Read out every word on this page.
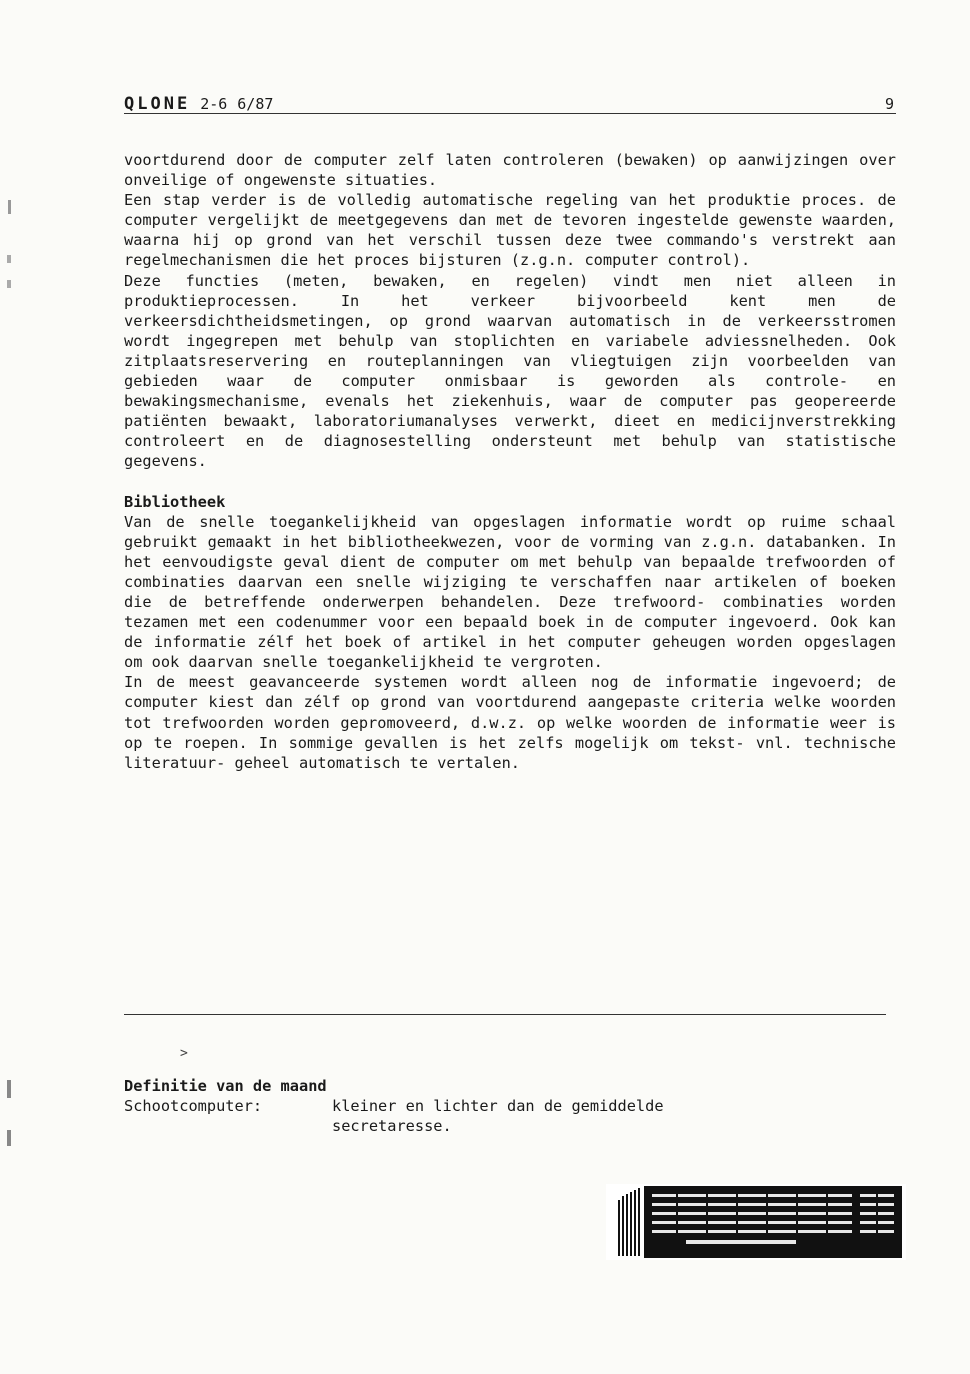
QLONE 2-6 6/87	9

voortdurend door de computer zelf laten controleren (bewaken) op aanwijzingen over onveilige of ongewenste situaties.

Een stap verder is de volledig automatische regeling van het produktie proces. de computer vergelijkt de meetgegevens dan met de tevoren ingestelde gewenste waarden, waarna hij op grond van het verschil tussen deze twee commando's verstrekt aan regelmechanismen die het proces bijsturen (z.g.n. computer control).

Deze functies (meten, bewaken, en regelen) vindt men niet alleen in produktieprocessen. In het verkeer bijvoorbeeld kent men de verkeersdichtheidsmetingen, op grond waarvan automatisch in de verkeersstromen wordt ingegrepen met behulp van stoplichten en variabele adviessnelheden. Ook zitplaatsreservering en routeplanningen van vliegtuigen zijn voorbeelden van gebieden waar de computer onmisbaar is geworden als controle- en bewakingsmechanisme, evenals het ziekenhuis, waar de computer pas geopereerde patiënten bewaakt, laboratoriumanalyses verwerkt, dieet en medicijnverstrekking controleert en de diagnosestelling ondersteunt met behulp van statistische gegevens.

Bibliotheek

Van de snelle toegankelijkheid van opgeslagen informatie wordt op ruime schaal gebruikt gemaakt in het bibliotheekwezen, voor de vorming van z.g.n. databanken. In het eenvoudigste geval dient de computer om met behulp van bepaalde trefwoorden of combinaties daarvan een snelle wijziging te verschaffen naar artikelen of boeken die de betreffende onderwerpen behandelen. Deze trefwoord- combinaties worden tezamen met een codenummer voor een bepaald boek in de computer ingevoerd. Ook kan de informatie zélf het boek of artikel in het computer geheugen worden opgeslagen om ook daarvan snelle toegankelijkheid te vergroten.

In de meest geavanceerde systemen wordt alleen nog de informatie ingevoerd; de computer kiest dan zélf op grond van voortdurend aangepaste criteria welke woorden tot trefwoorden worden gepromoveerd, d.w.z. op welke woorden de informatie weer is op te roepen. In sommige gevallen is het zelfs mogelijk om tekst- vnl. technische literatuur- geheel automatisch te vertalen.

>
Definitie van de maand
Schootcomputer:	kleiner en lichter dan de gemiddelde secretaresse.
